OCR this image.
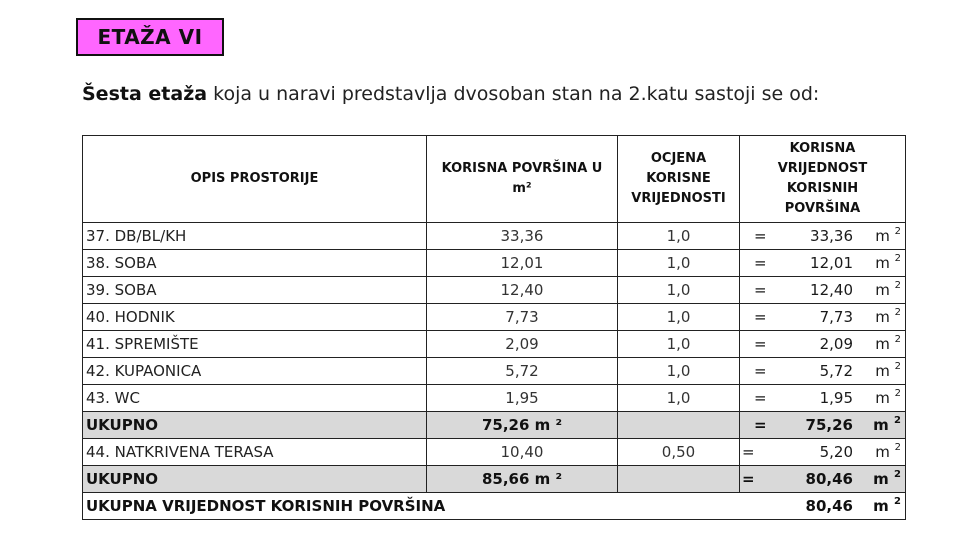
ETAŽA VI
Šesta etaža koja u naravi predstavlja dvosoban stan na 2.katu sastoji se od:
OPIS PROSTORIJE	KORISNA POVRŠINA U m²	OCJENA KORISNE VRIJEDNOSTI	KORISNA VRIJEDNOST KORISNIH POVRŠINA
37. DB/BL/KH	33,36	1,0	= 33,36 m $^2$

38. SOBA	12,01	1,0	= 12,01 m $^2$

39. SOBA	12,40	1,0	= 12,40 m $^2$

40. HODNIK	7,73	1,0	= 7,73 m $^2$

41. SPREMIŠTE	2,09	1,0	= 2,09 m $^2$

42. KUPAONICA	5,72	1,0	= 5,72 m $^2$

43. WC	1,95	1,0	= 1,95 m $^2$

UKUPNO	75,26 m ²		= 75,26 m $^2$

44. NATKRIVENA TERASA	10,40	0,50	= 5,20 m $^2$

UKUPNO	85,66 m ²		= 80,46 m $^2$

UKUPNA VRIJEDNOST KORISNIH POVRŠINA			80,46 m $^2$
